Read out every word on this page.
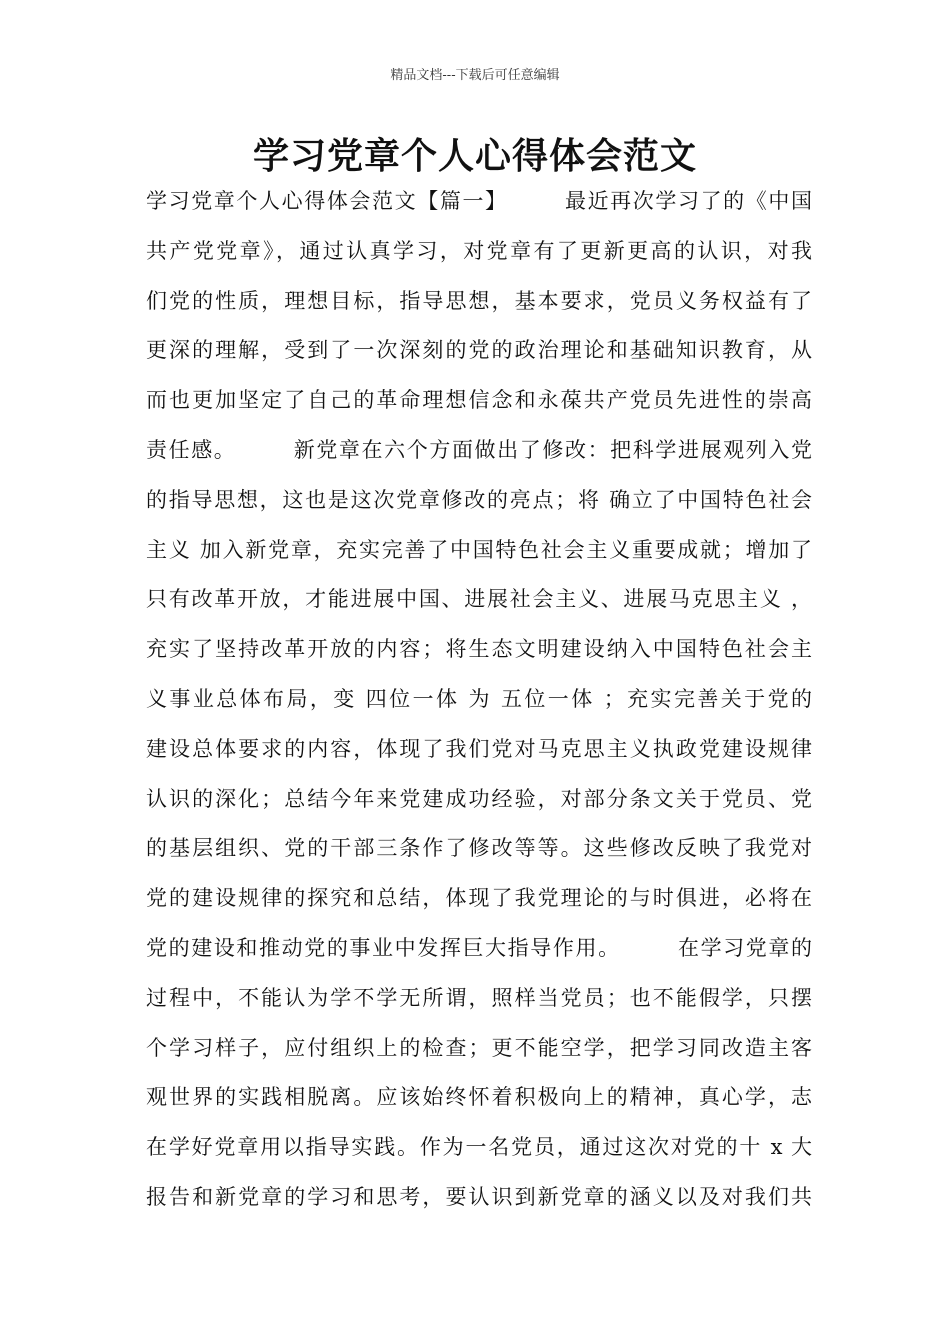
精品文档---下载后可任意编辑
学习党章个人心得体会范文
学习党章个人心得体会范文【篇一】　　　最近再次学习了的《中国
共产党党章》，通过认真学习，对党章有了更新更高的认识，对我
们党的性质，理想目标，指导思想，基本要求，党员义务权益有了
更深的理解，受到了一次深刻的党的政治理论和基础知识教育，从
而也更加坚定了自己的革命理想信念和永葆共产党员先进性的崇高
责任感。　　　新党章在六个方面做出了修改：把科学进展观列入党
的指导思想，这也是这次党章修改的亮点；将 确立了中国特色社会
主义 加入新党章，充实完善了中国特色社会主义重要成就；增加了
只有改革开放，才能进展中国、进展社会主义、进展马克思主义 ，
充实了坚持改革开放的内容；将生态文明建设纳入中国特色社会主
义事业总体布局，变 四位一体 为 五位一体 ；充实完善关于党的
建设总体要求的内容，体现了我们党对马克思主义执政党建设规律
认识的深化；总结今年来党建成功经验，对部分条文关于党员、党
的基层组织、党的干部三条作了修改等等。这些修改反映了我党对
党的建设规律的探究和总结，体现了我党理论的与时俱进，必将在
党的建设和推动党的事业中发挥巨大指导作用。　　　在学习党章的
过程中，不能认为学不学无所谓，照样当党员；也不能假学，只摆
个学习样子，应付组织上的检查；更不能空学，把学习同改造主客
观世界的实践相脱离。应该始终怀着积极向上的精神，真心学，志
在学好党章用以指导实践。作为一名党员，通过这次对党的十 x 大
报告和新党章的学习和思考，要认识到新党章的涵义以及对我们共
